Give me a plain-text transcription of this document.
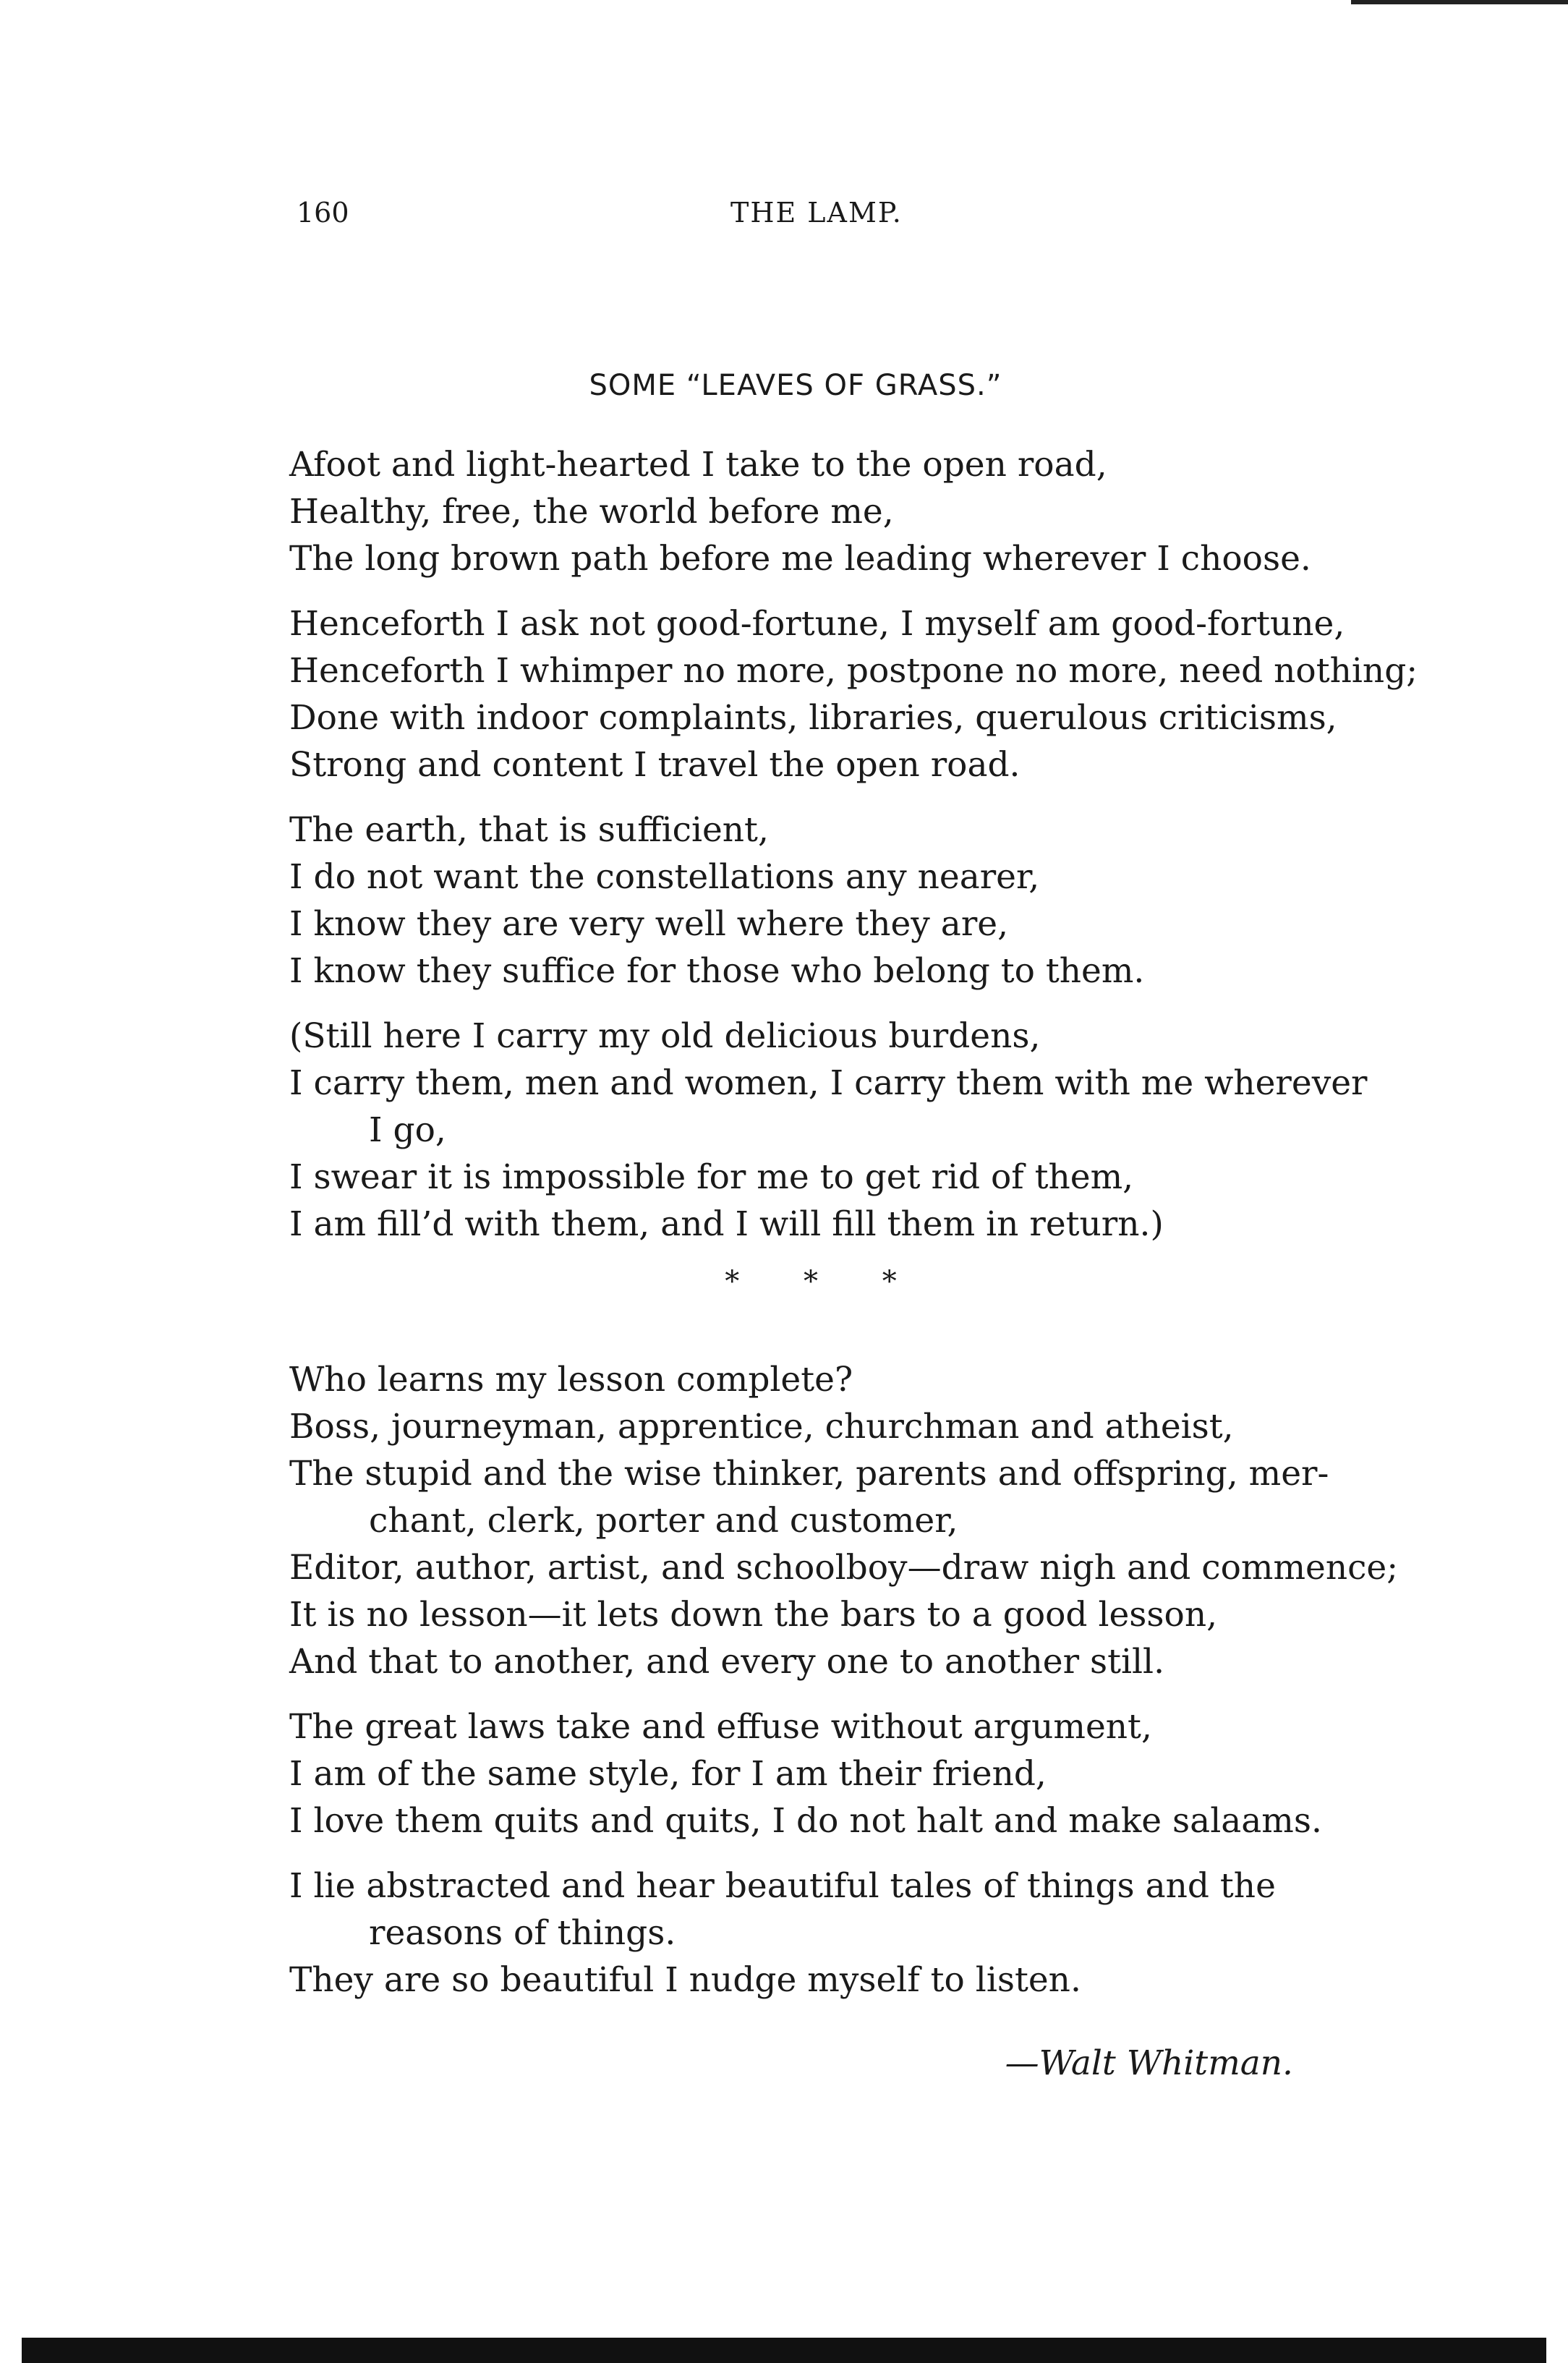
160	THE LAMP.
SOME “LEAVES OF GRASS.”
Afoot and light-hearted I take to the open road,
Healthy, free, the world before me,
The long brown path before me leading wherever I choose.
Henceforth I ask not good-fortune, I myself am good-fortune,
Henceforth I whimper no more, postpone no more, need nothing;
Done with indoor complaints, libraries, querulous criticisms,
Strong and content I travel the open road.
The earth, that is sufficient,
I do not want the constellations any nearer,
I know they are very well where they are,
I know they suffice for those who belong to them.
(Still here I carry my old delicious burdens,
I carry them, men and women, I carry them with me wherever
I go,
I swear it is impossible for me to get rid of them,
I am fill’d with them, and I will fill them in return.)
* * *
Who learns my lesson complete?
Boss, journeyman, apprentice, churchman and atheist,
The stupid and the wise thinker, parents and offspring, mer-
chant, clerk, porter and customer,
Editor, author, artist, and schoolboy—draw nigh and commence;
It is no lesson—it lets down the bars to a good lesson,
And that to another, and every one to another still.
The great laws take and effuse without argument,
I am of the same style, for I am their friend,
I love them quits and quits, I do not halt and make salaams.
I lie abstracted and hear beautiful tales of things and the
reasons of things.
They are so beautiful I nudge myself to listen.
—Walt Whitman.
